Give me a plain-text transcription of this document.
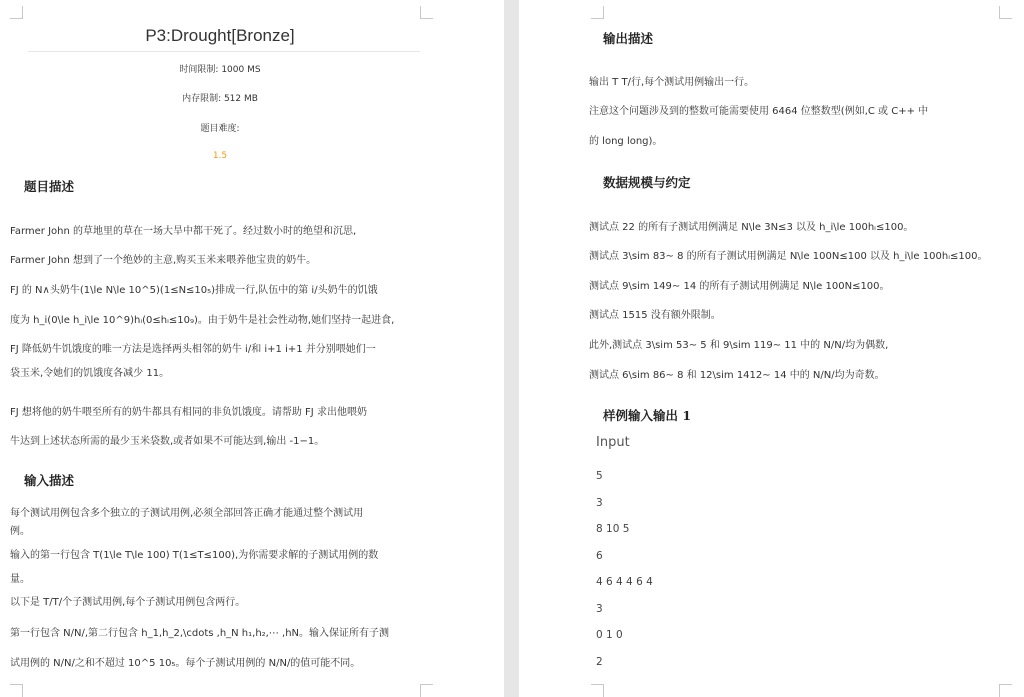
P3:Drought[Bronze]
时间限制: 1000 MS
内存限制: 512 MB
题目难度:
1.5
题目描述
Farmer John 的草地里的草在一场大旱中都干死了。经过数小时的绝望和沉思,
Farmer John 想到了一个绝妙的主意,购买玉米来喂养他宝贵的奶牛。
FJ 的 N∧头奶牛(1\le N\le 10^5)(1≤N≤10₅)排成一行,队伍中的第 i∕头奶牛的饥饿
度为 h_i(0\le h_i\le 10^9)hᵢ(0≤hᵢ≤10₉)。由于奶牛是社会性动物,她们坚持一起进食,
FJ 降低奶牛饥饿度的唯一方法是选择两头相邻的奶牛 i∕和 i+1 i+1 并分别喂她们一
袋玉米,令她们的饥饿度各减少 11。
FJ 想将他的奶牛喂至所有的奶牛都具有相同的非负饥饿度。请帮助 FJ 求出他喂奶
牛达到上述状态所需的最少玉米袋数,或者如果不可能达到,输出 -1−1。
输入描述
每个测试用例包含多个独立的子测试用例,必须全部回答正确才能通过整个测试用
例。
输入的第一行包含 T(1\le T\le 100) T(1≤T≤100),为你需要求解的子测试用例的数
量。
以下是 T∕T∕个子测试用例,每个子测试用例包含两行。
第一行包含 N∕N∕,第二行包含 h_1,h_2,\cdots ,h_N h₁,h₂,⋯ ,hN。输入保证所有子测
试用例的 N∕N∕之和不超过 10^5 10₅。每个子测试用例的 N∕N∕的值可能不同。
输出描述
输出 T T∕行,每个测试用例输出一行。
注意这个问题涉及到的整数可能需要使用 6464 位整数型(例如,C 或 C++ 中
的 long long)。
数据规模与约定
测试点 22 的所有子测试用例满足 N\le 3N≤3 以及 h_i\le 100hᵢ≤100。
测试点 3\sim 83∼ 8 的所有子测试用例满足 N\le 100N≤100 以及 h_i\le 100hᵢ≤100。
测试点 9\sim 149∼ 14 的所有子测试用例满足 N\le 100N≤100。
测试点 1515 没有额外限制。
此外,测试点 3\sim 53∼ 5 和 9\sim 119∼ 11 中的 N∕N∕均为偶数,
测试点 6\sim 86∼ 8 和 12\sim 1412∼ 14 中的 N∕N∕均为奇数。
样例输入输出 1
Input
5
3
8 10 5
6
4 6 4 4 6 4
3
0 1 0
2
